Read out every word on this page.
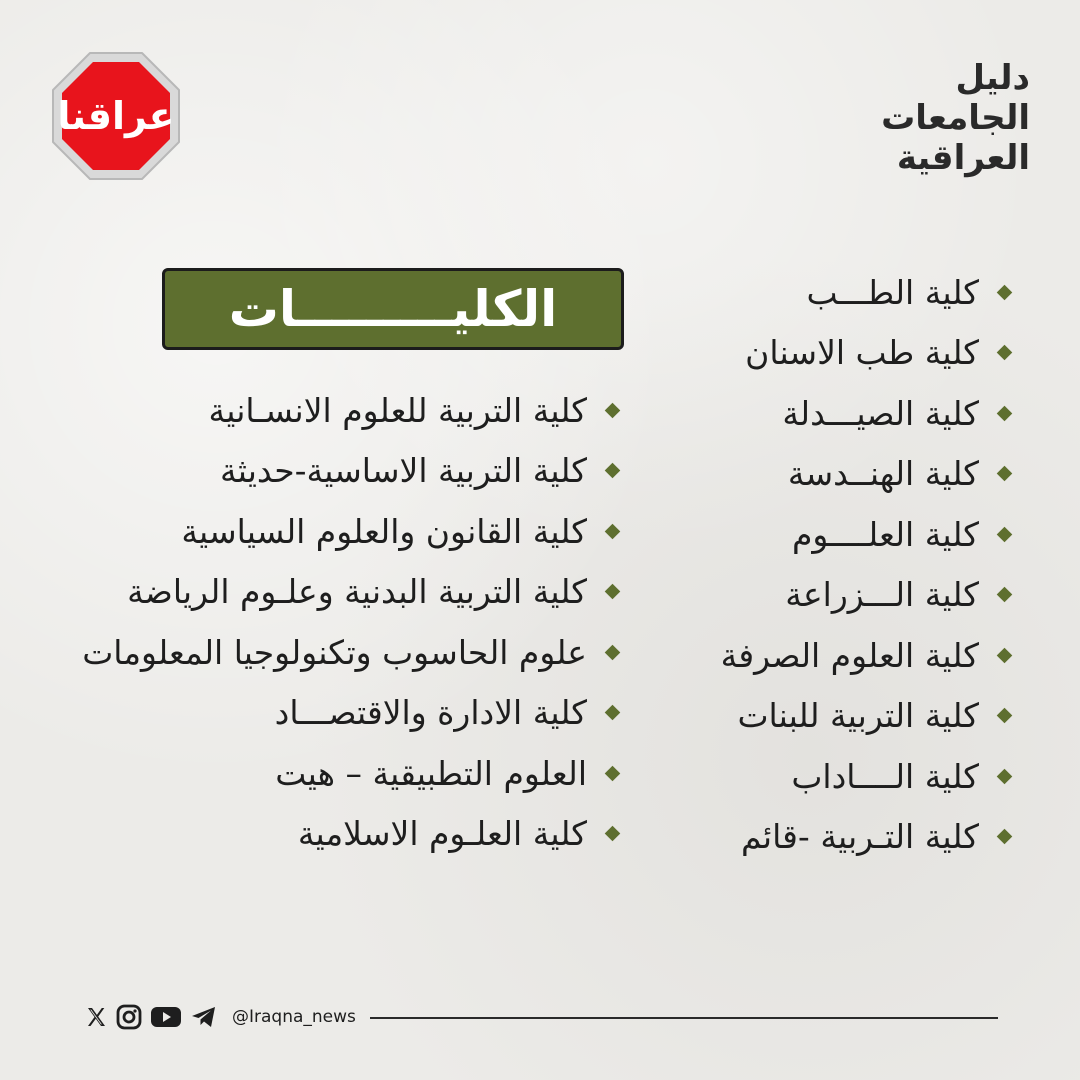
عراقنا
دليل
الجامعات
العراقية
الكليـــــــــات	كلية الطـــب
كلية طب الاسنان
كلية الصيـــدلة
كلية الهنــدسة
كلية العلــــوم
كلية الـــزراعة
كلية العلوم الصرفة
كلية التربية للبنات
كلية الــــاداب
كلية التـربية -قائم
كلية التربية للعلوم الانسـانية
كلية التربية الاساسية-حديثة
كلية القانون والعلوم السياسية
كلية التربية البدنية وعلـوم الرياضة
علوم الحاسوب وتكنولوجيا المعلومات
كلية الادارة والاقتصـــاد
العلوم التطبيقية – هيت
كلية العلـوم الاسلامية
@Iraqna_news
